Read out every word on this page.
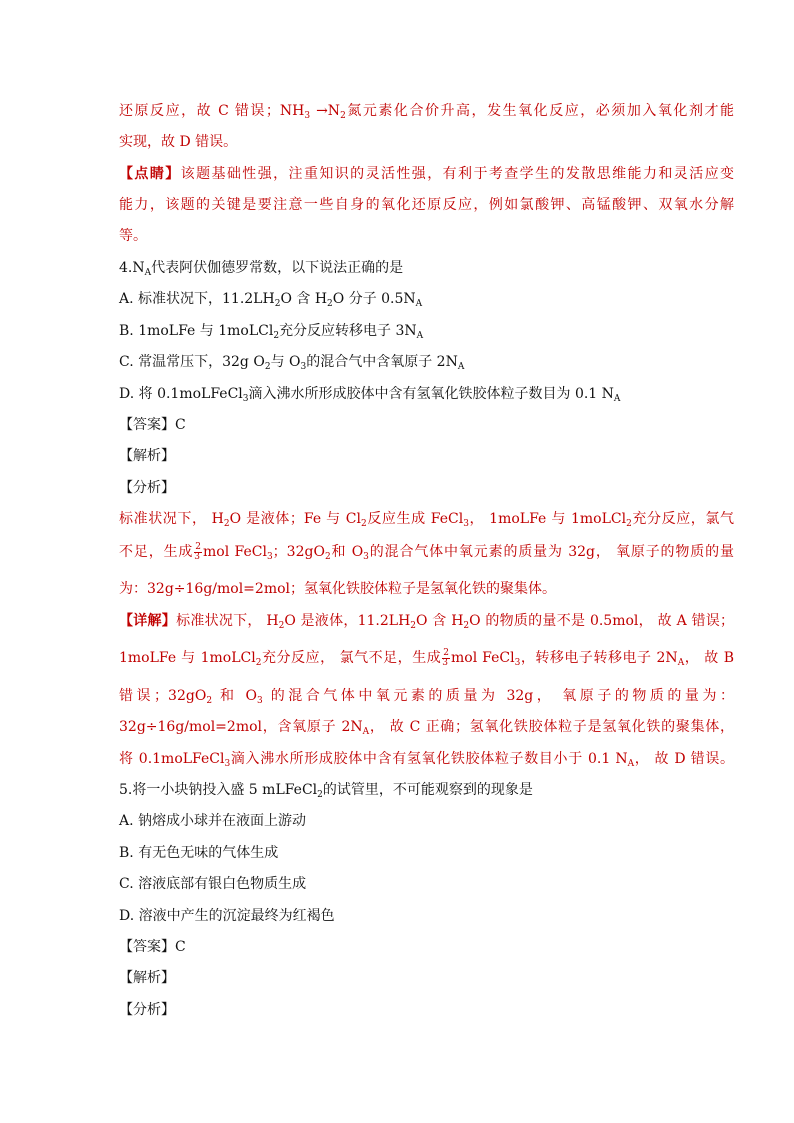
还原反应，故 C 错误；$NH_3 \to N_2$氮元素化合价升高，发生氧化反应，必须加入氧化剂才能
实现，故 D 错误。
【点睛】该题基础性强，注重知识的灵活性强，有利于考查学生的发散思维能力和灵活应变
能力，该题的关键是要注意一些自身的氧化还原反应，例如氯酸钾、高锰酸钾、双氧水分解
等。
$4.N_A$代表阿伏伽德罗常数，以下说法正确的是
A. 标准状况下，$11.2LH_2O$ 含 $H_2O$ 分子 $0.5N_A$
B. 1moLFe 与 1moLCl$_2$充分反应转移电子 $3N_A$
C. 常温常压下，32g $O_2$与 $O_3$的混合气中含氧原子 $2N_A$
D. 将 0.1moLFeCl$_3$滴入沸水所形成胶体中含有氢氧化铁胶体粒子数目为 0.1 $N_A$
【答案】C
【解析】
【分析】
标准状况下， $H_2O$ 是液体；Fe 与 $Cl_2$反应生成 FeCl$_3$， 1moLFe 与 1moLCl$_2$充分反应，氯气
不足，生成 $\frac{2}{3}$ mol FeCl$_3$；$32gO_2$和 $O_3$的混合气体中氧元素的质量为 32g， 氧原子的物质的量
为：32g÷16g/mol=2mol；氢氧化铁胶体粒子是氢氧化铁的聚集体。
【详解】标准状况下， $H_2O$ 是液体，$11.2LH_2O$ 含 $H_2O$ 的物质的量不是 0.5mol， 故 A 错误；
1moLFe 与 1moLCl$_2$充分反应， 氯气不足，生成 $\frac{2}{3}$ mol FeCl$_3$，转移电子转移电子 $2N_A$， 故 B
错误；$32gO_2$ 和 $O_3$ 的混合气体中氧元素的质量为 32g， 氧原子的物质的量为：
32g÷16g/mol=2mol，含氧原子 $2N_A$， 故 C 正确；氢氧化铁胶体粒子是氢氧化铁的聚集体，
将 0.1moLFeCl$_3$滴入沸水所形成胶体中含有氢氧化铁胶体粒子数目小于 0.1 $N_A$， 故 D 错误。
5.将一小块钠投入盛 5 mLFeCl$_2$的试管里，不可能观察到的现象是
A. 钠熔成小球并在液面上游动
B. 有无色无味的气体生成
C. 溶液底部有银白色物质生成
D. 溶液中产生的沉淀最终为红褐色
【答案】C
【解析】
【分析】
